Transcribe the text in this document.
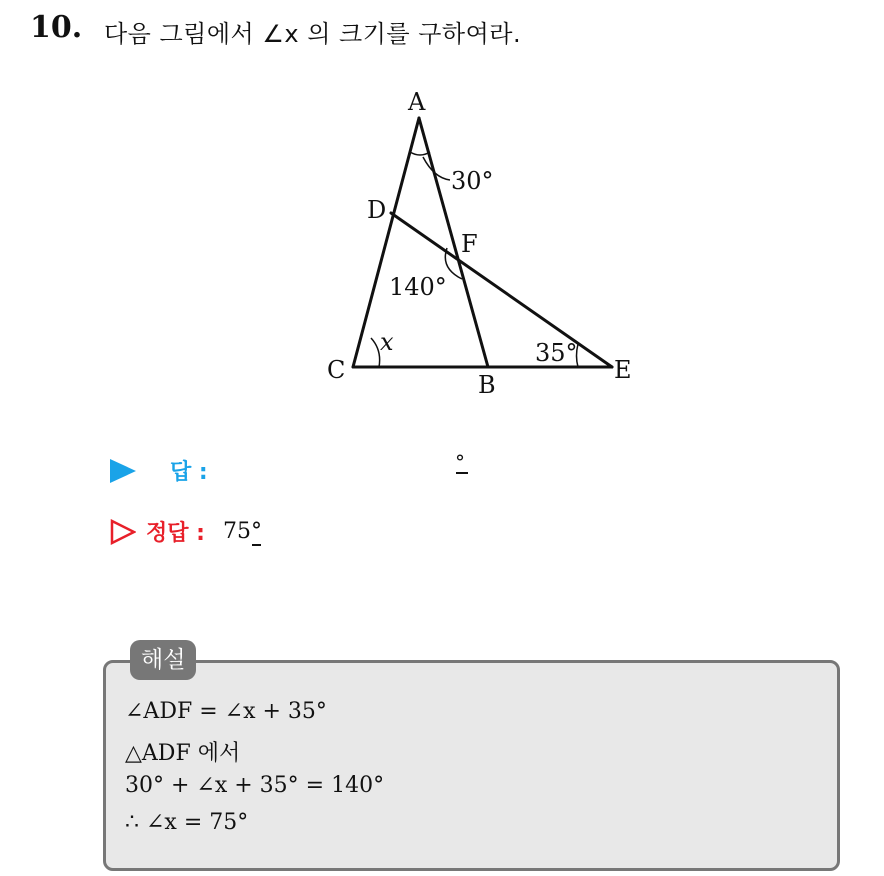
10. 다음 그림에서 ∠x 의 크기를 구하여라.
A
D
F
C
B
E
30°
140°
x	35°
답 :	°
정답 : 75°
해설
∠ADF = ∠x + 35°
△ADF 에서
30° + ∠x + 35° = 140°
∴ ∠x = 75°
